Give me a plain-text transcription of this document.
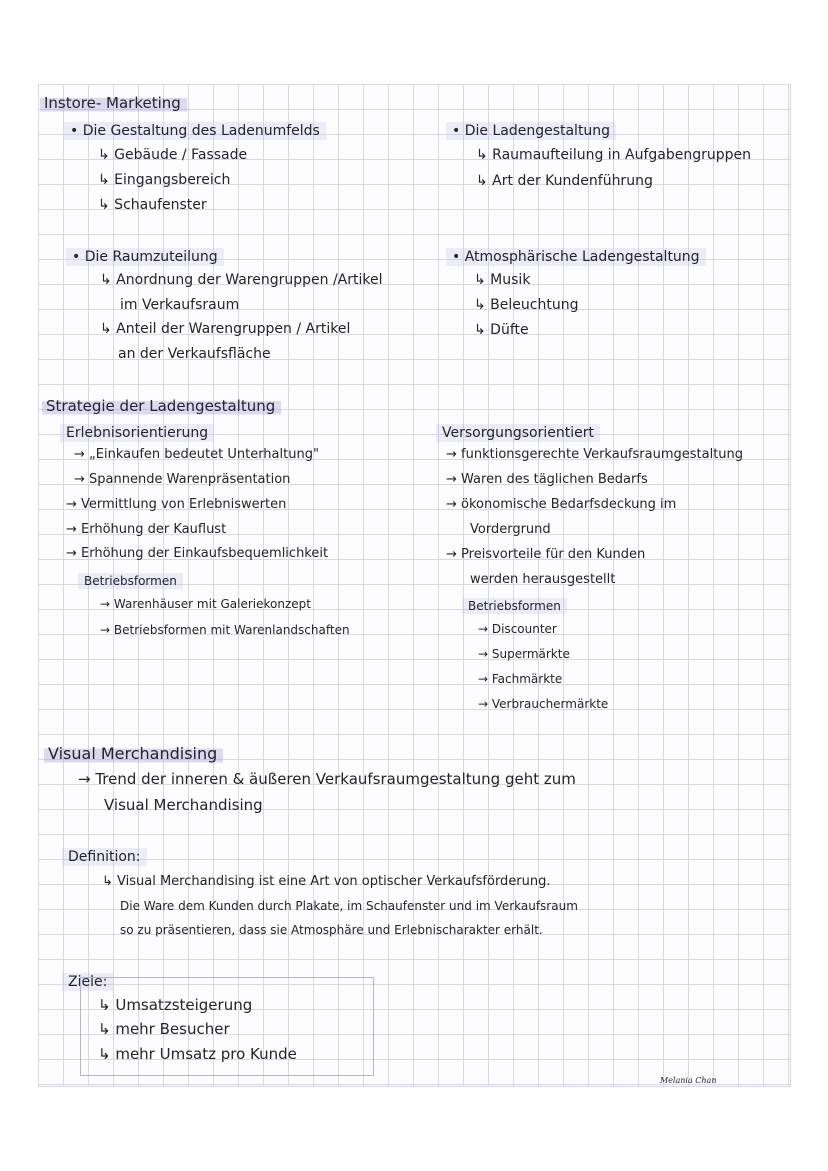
Instore- Marketing
• Die Gestaltung des Ladenumfelds
↳ Gebäude / Fassade
↳ Eingangsbereich
↳ Schaufenster
• Die Raumzuteilung
↳ Anordnung der Warengruppen /Artikel
im Verkaufsraum
↳ Anteil der Warengruppen / Artikel
an der Verkaufsfläche
• Die Ladengestaltung
↳ Raumaufteilung in Aufgabengruppen
↳ Art der Kundenführung
• Atmosphärische Ladengestaltung
↳ Musik
↳ Beleuchtung
↳ Düfte
Strategie der Ladengestaltung
Erlebnisorientierung
→ „Einkaufen bedeutet Unterhaltung"
→ Spannende Warenpräsentation
→ Vermittlung von Erlebniswerten
→ Erhöhung der Kauflust
→ Erhöhung der Einkaufsbequemlichkeit
Betriebsformen
→ Warenhäuser mit Galeriekonzept
→ Betriebsformen mit Warenlandschaften
Versorgungsorientiert
→ funktionsgerechte Verkaufsraumgestaltung
→ Waren des täglichen Bedarfs
→ ökonomische Bedarfsdeckung im
Vordergrund
→ Preisvorteile für den Kunden
werden herausgestellt
Betriebsformen
→ Discounter
→ Supermärkte
→ Fachmärkte
→ Verbrauchermärkte
Visual Merchandising
→ Trend der inneren & äußeren Verkaufsraumgestaltung geht zum
Visual Merchandising
Definition:
↳ Visual Merchandising ist eine Art von optischer Verkaufsförderung.
Die Ware dem Kunden durch Plakate, im Schaufenster und im Verkaufsraum
so zu präsentieren, dass sie Atmosphäre und Erlebnischarakter erhält.
Ziele:
↳ Umsatzsteigerung
↳ mehr Besucher
↳ mehr Umsatz pro Kunde
Melania Chan
